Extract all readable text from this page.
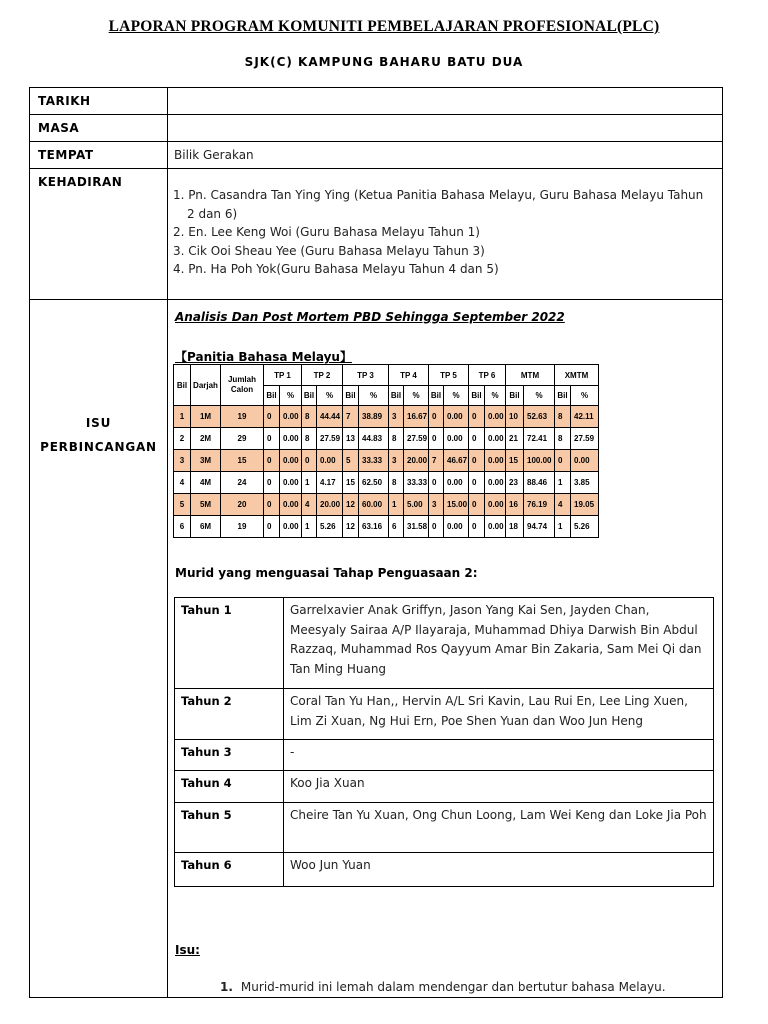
LAPORAN PROGRAM KOMUNITI PEMBELAJARAN PROFESIONAL(PLC)
SJK(C) KAMPUNG BAHARU BATU DUA
TARIKH
MASA
TEMPAT	Bilik Gerakan
KEHADIRAN
1. Pn. Casandra Tan Ying Ying (Ketua Panitia Bahasa Melayu, Guru Bahasa Melayu Tahun 2 dan 6)
2. En. Lee Keng Woi (Guru Bahasa Melayu Tahun 1)
3. Cik Ooi Sheau Yee (Guru Bahasa Melayu Tahun 3)
4. Pn. Ha Poh Yok(Guru Bahasa Melayu Tahun 4 dan 5)
ISU
PERBINCANGAN
Analisis Dan Post Mortem PBD Sehingga September 2022
【Panitia Bahasa Melayu】
Bil	Darjah	Jumlah Calon	TP 1		TP 2		TP 3		TP 4		TP 5		TP 6		MTM		XMTM	
			Bil	%	Bil	%	Bil	%	Bil	%	Bil	%	Bil	%	Bil	%	Bil	%
1	1M	19	0	0.00	8	44.44	7	38.89	3	16.67	0	0.00	0	0.00	10	52.63	8	42.11
2	2M	29	0	0.00	8	27.59	13	44.83	8	27.59	0	0.00	0	0.00	21	72.41	8	27.59
3	3M	15	0	0.00	0	0.00	5	33.33	3	20.00	7	46.67	0	0.00	15	100.00	0	0.00
4	4M	24	0	0.00	1	4.17	15	62.50	8	33.33	0	0.00	0	0.00	23	88.46	1	3.85
5	5M	20	0	0.00	4	20.00	12	60.00	1	5.00	3	15.00	0	0.00	16	76.19	4	19.05
6	6M	19	0	0.00	1	5.26	12	63.16	6	31.58	0	0.00	0	0.00	18	94.74	1	5.26
Murid yang menguasai Tahap Penguasaan 2:
Tahun 1	Garrelxavier Anak Griffyn, Jason Yang Kai Sen, Jayden Chan, Meesyaly Sairaa A/P Ilayaraja, Muhammad Dhiya Darwish Bin Abdul Razzaq, Muhammad Ros Qayyum Amar Bin Zakaria, Sam Mei Qi dan Tan Ming Huang
Tahun 2	Coral Tan Yu Han,, Hervin A/L Sri Kavin, Lau Rui En, Lee Ling Xuen, Lim Zi Xuan, Ng Hui Ern, Poe Shen Yuan dan Woo Jun Heng
Tahun 3	-
Tahun 4	Koo Jia Xuan
Tahun 5	Cheire Tan Yu Xuan, Ong Chun Loong, Lam Wei Keng dan Loke Jia Poh
Tahun 6	Woo Jun Yuan
Isu:
1. Murid-murid ini lemah dalam mendengar dan bertutur bahasa Melayu.
